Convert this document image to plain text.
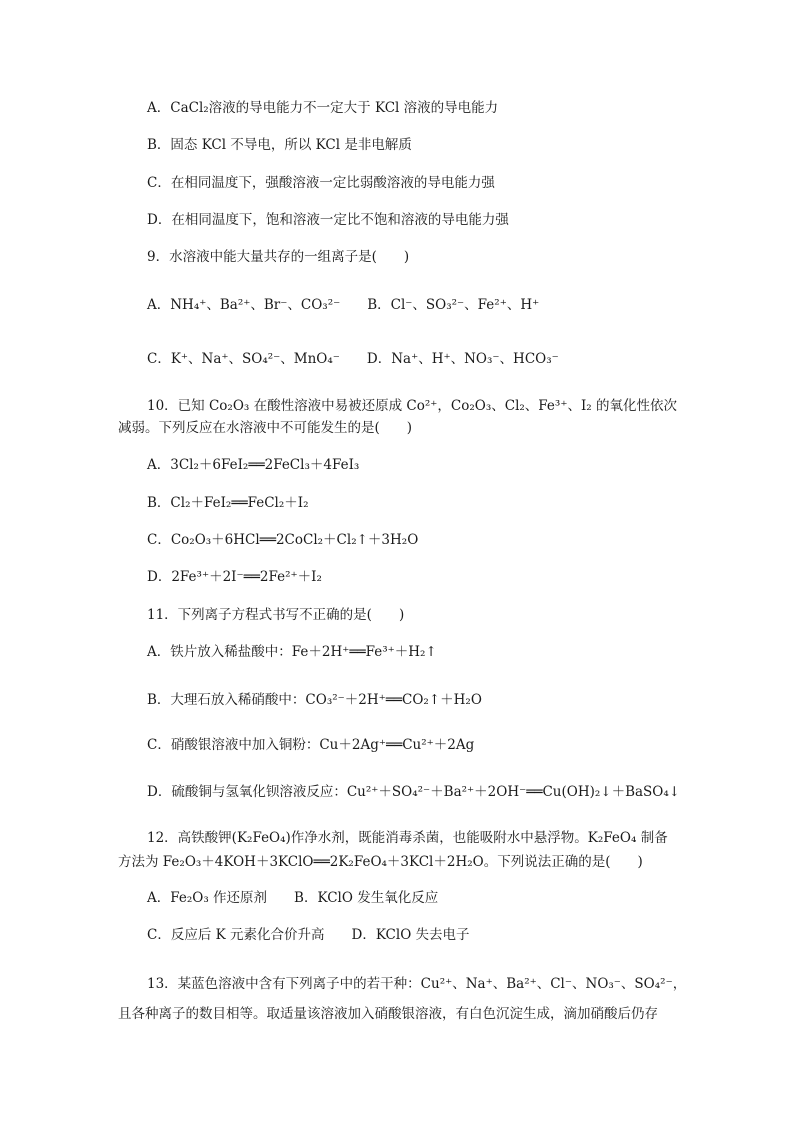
A．CaCl₂溶液的导电能力不一定大于 KCl 溶液的导电能力
B．固态 KCl 不导电，所以 KCl 是非电解质
C．在相同温度下，强酸溶液一定比弱酸溶液的导电能力强
D．在相同温度下，饱和溶液一定比不饱和溶液的导电能力强
9．水溶液中能大量共存的一组离子是(　　)
A．NH₄⁺、Ba²⁺、Br⁻、CO₃²⁻　　B．Cl⁻、SO₃²⁻、Fe²⁺、H⁺
C．K⁺、Na⁺、SO₄²⁻、MnO₄⁻　　D．Na⁺、H⁺、NO₃⁻、HCO₃⁻
10．已知 Co₂O₃ 在酸性溶液中易被还原成 Co²⁺，Co₂O₃、Cl₂、Fe³⁺、I₂ 的氧化性依次
减弱。下列反应在水溶液中不可能发生的是(　　)
A．3Cl₂＋6FeI₂══2FeCl₃＋4FeI₃
B．Cl₂＋FeI₂══FeCl₂＋I₂
C．Co₂O₃＋6HCl══2CoCl₂＋Cl₂↑＋3H₂O
D．2Fe³⁺＋2I⁻══2Fe²⁺＋I₂
11．下列离子方程式书写不正确的是(　　)
A．铁片放入稀盐酸中：Fe＋2H⁺══Fe³⁺＋H₂↑
B．大理石放入稀硝酸中：CO₃²⁻＋2H⁺══CO₂↑＋H₂O
C．硝酸银溶液中加入铜粉：Cu＋2Ag⁺══Cu²⁺＋2Ag
D．硫酸铜与氢氧化钡溶液反应：Cu²⁺＋SO₄²⁻＋Ba²⁺＋2OH⁻══Cu(OH)₂↓＋BaSO₄↓
12．高铁酸钾(K₂FeO₄)作净水剂，既能消毒杀菌，也能吸附水中悬浮物。K₂FeO₄ 制备
方法为 Fe₂O₃＋4KOH＋3KClO══2K₂FeO₄＋3KCl＋2H₂O。下列说法正确的是(　　)
A．Fe₂O₃ 作还原剂　　B．KClO 发生氧化反应
C．反应后 K 元素化合价升高　　D．KClO 失去电子
13．某蓝色溶液中含有下列离子中的若干种：Cu²⁺、Na⁺、Ba²⁺、Cl⁻、NO₃⁻、SO₄²⁻，
且各种离子的数目相等。取适量该溶液加入硝酸银溶液，有白色沉淀生成，滴加硝酸后仍存
